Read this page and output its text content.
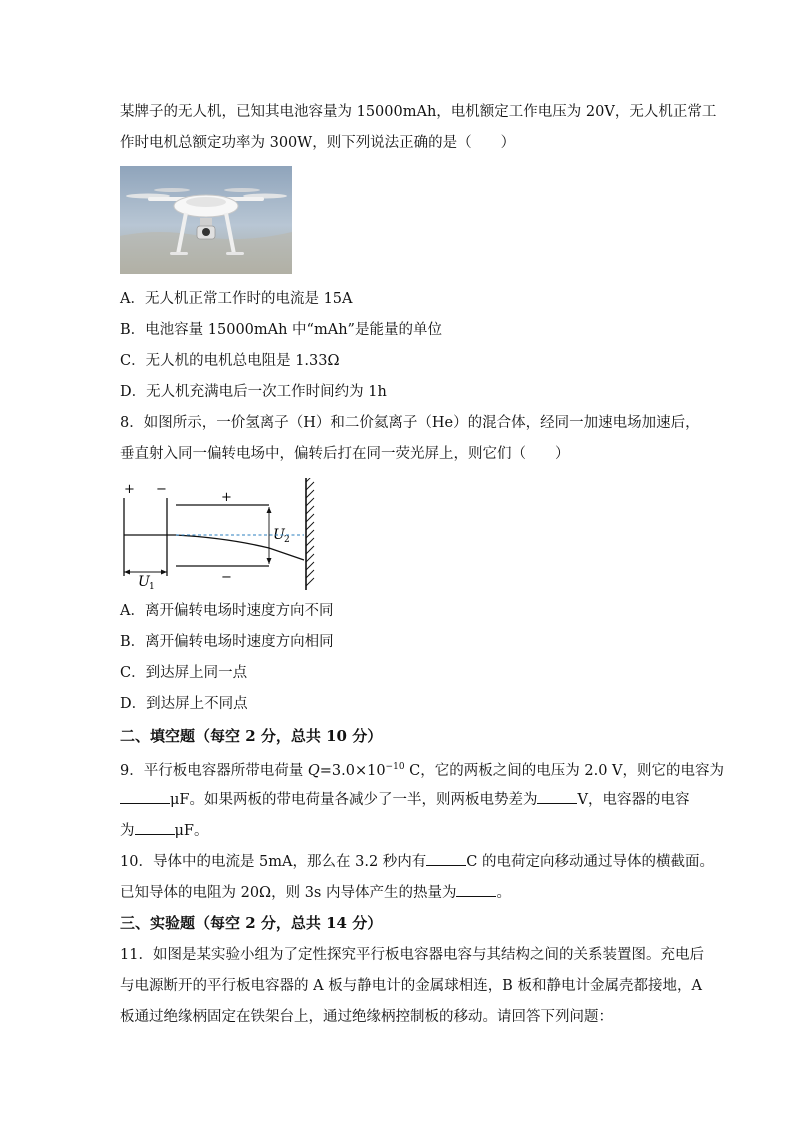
某牌子的无人机，已知其电池容量为 15000mAh，电机额定工作电压为 20V，无人机正常工
作时电机总额定功率为 300W，则下列说法正确的是（　　）
A．无人机正常工作时的电流是 15A
B．电池容量 15000mAh 中“mAh”是能量的单位
C．无人机的电机总电阻是 1.33Ω
D．无人机充满电后一次工作时间约为 1h
8．如图所示，一价氢离子（H）和二价氦离子（He）的混合体，经同一加速电场加速后，
垂直射入同一偏转电场中，偏转后打在同一荧光屏上，则它们（　　）
+ −
U 1
+
−
U 2
A．离开偏转电场时速度方向不同
B．离开偏转电场时速度方向相同
C．到达屏上同一点
D．到达屏上不同点
二、填空题（每空 2 分，总共 10 分）
9．平行板电容器所带电荷量 $Q=3.0\times 10^{-10}$ C，它的两板之间的电压为 2.0 V，则它的电容为
μF。如果两板的带电荷量各减少了一半，则两板电势差为	V，电容器的电容
为	μF。
10．导体中的电流是 5mA，那么在 3.2 秒内有	C 的电荷定向移动通过导体的横截面。
已知导体的电阻为 20Ω，则 3s 内导体产生的热量为	。
三、实验题（每空 2 分，总共 14 分）
11．如图是某实验小组为了定性探究平行板电容器电容与其结构之间的关系装置图。充电后
与电源断开的平行板电容器的 A 板与静电计的金属球相连，B 板和静电计金属壳都接地，A
板通过绝缘柄固定在铁架台上，通过绝缘柄控制板的移动。请回答下列问题：
